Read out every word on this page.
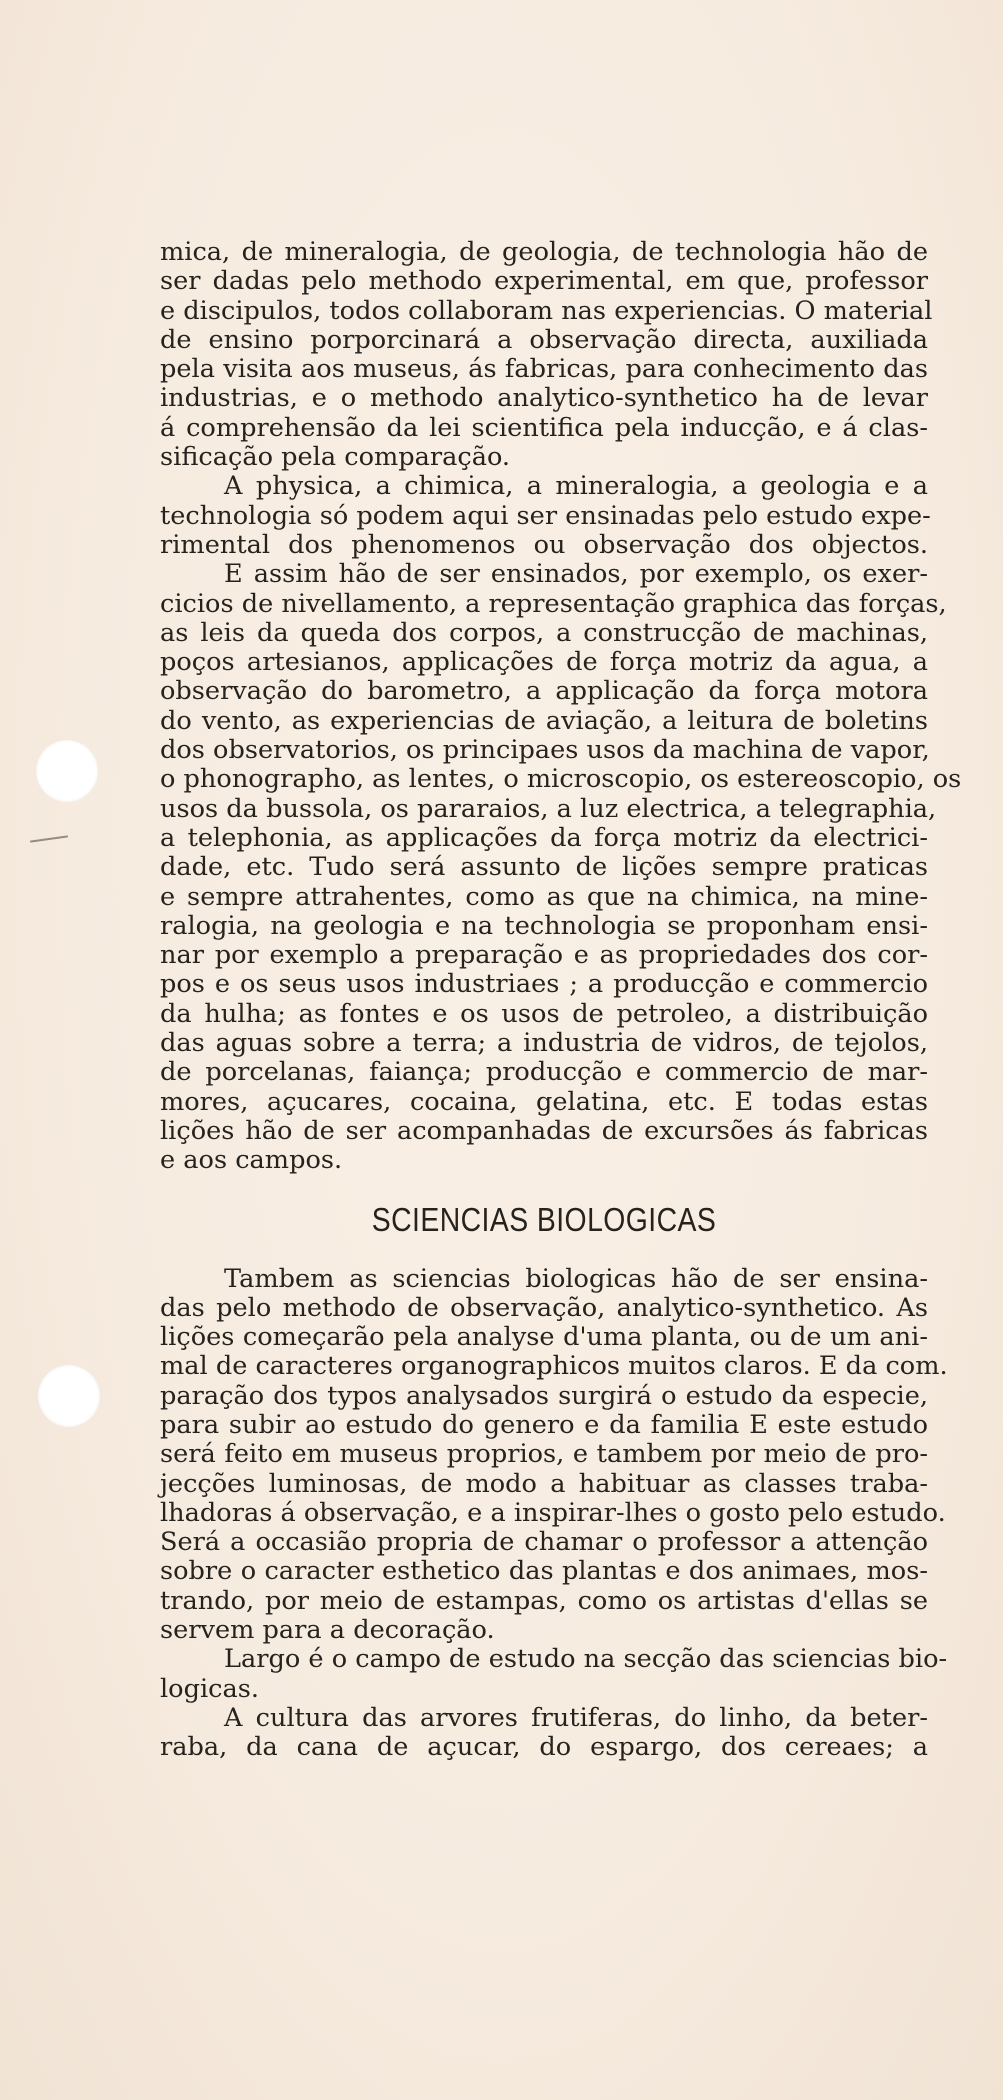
mica, de mineralogia, de geologia, de technologia hão de
ser dadas pelo methodo experimental, em que, professor
e discipulos, todos collaboram nas experiencias. O material
de ensino porporcinará a observação directa, auxiliada
pela visita aos museus, ás fabricas, para conhecimento das
industrias, e o methodo analytico-synthetico ha de levar
á comprehensão da lei scientifica pela inducção, e á clas-
sificação pela comparação.
A physica, a chimica, a mineralogia, a geologia e a
technologia só podem aqui ser ensinadas pelo estudo expe-
rimental dos phenomenos ou observação dos objectos.
E assim hão de ser ensinados, por exemplo, os exer-
cicios de nivellamento, a representação graphica das forças,
as leis da queda dos corpos, a construcção de machinas,
poços artesianos, applicações de força motriz da agua, a
observação do barometro, a applicação da força motora
do vento, as experiencias de aviação, a leitura de boletins
dos observatorios, os principaes usos da machina de vapor,
o phonographo, as lentes, o microscopio, os estereoscopio, os
usos da bussola, os pararaios, a luz electrica, a telegraphia,
a telephonia, as applicações da força motriz da electrici-
dade, etc. Tudo será assunto de lições sempre praticas
e sempre attrahentes, como as que na chimica, na mine-
ralogia, na geologia e na technologia se proponham ensi-
nar por exemplo a preparação e as propriedades dos cor-
pos e os seus usos industriaes ; a producção e commercio
da hulha; as fontes e os usos de petroleo, a distribuição
das aguas sobre a terra; a industria de vidros, de tejolos,
de porcelanas, faiança; producção e commercio de mar-
mores, açucares, cocaina, gelatina, etc. E todas estas
lições hão de ser acompanhadas de excursões ás fabricas
e aos campos.
SCIENCIAS BIOLOGICAS
Tambem as sciencias biologicas hão de ser ensina-
das pelo methodo de observação, analytico-synthetico. As
lições começarão pela analyse d'uma planta, ou de um ani-
mal de caracteres organographicos muitos claros. E da com.
paração dos typos analysados surgirá o estudo da especie,
para subir ao estudo do genero e da familia E este estudo
será feito em museus proprios, e tambem por meio de pro-
jecções luminosas, de modo a habituar as classes traba-
lhadoras á observação, e a inspirar-lhes o gosto pelo estudo.
Será a occasião propria de chamar o professor a attenção
sobre o caracter esthetico das plantas e dos animaes, mos-
trando, por meio de estampas, como os artistas d'ellas se
servem para a decoração.
Largo é o campo de estudo na secção das sciencias bio-
logicas.
A cultura das arvores frutiferas, do linho, da beter-
raba, da cana de açucar, do espargo, dos cereaes; a
